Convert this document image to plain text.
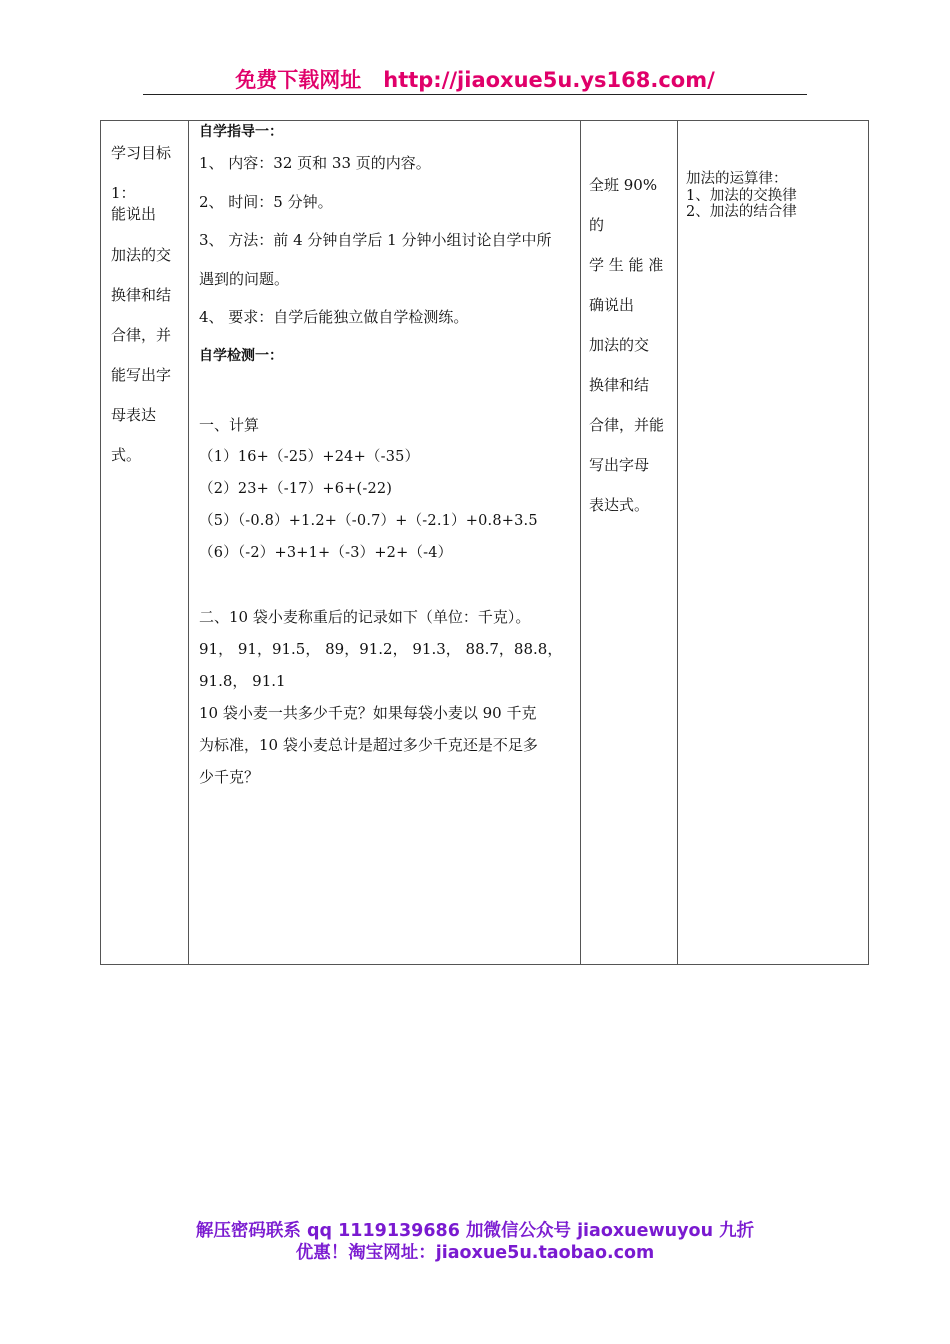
免费下载网址 http://jiaoxue5u.ys168.com/
学习目标
1：
能说出
加法的交
换律和结
合律，并
能写出字
母表达
式。

自学指导一：
1、 内容：32 页和 33 页的内容。
2、 时间：5 分钟。
3、 方法：前 4 分钟自学后 1 分钟小组讨论自学中所
遇到的问题。
4、 要求：自学后能独立做自学检测练。
自学检测一：
一、计算
（1）16+（-25）+24+（-35）
（2）23+（-17）+6+(-22)
（5）（-0.8）+1.2+（-0.7）+（-2.1）+0.8+3.5
（6）（-2）+3+1+（-3）+2+（-4）
二、10 袋小麦称重后的记录如下（单位：千克）。
91， 91，91.5， 89，91.2， 91.3， 88.7，88.8，
91.8， 91.1
10 袋小麦一共多少千克？如果每袋小麦以 90 千克
为标准，10 袋小麦总计是超过多少千克还是不足多
少千克？

全班 90%的
学 生 能 准
确说出
加法的交
换律和结
合律，并能
写出字母
表达式。

加法的运算律：
1、加法的交换律
2、加法的结合律
解压密码联系 qq 1119139686 加微信公众号 jiaoxuewuyou 九折
优惠！淘宝网址：jiaoxue5u.taobao.com
